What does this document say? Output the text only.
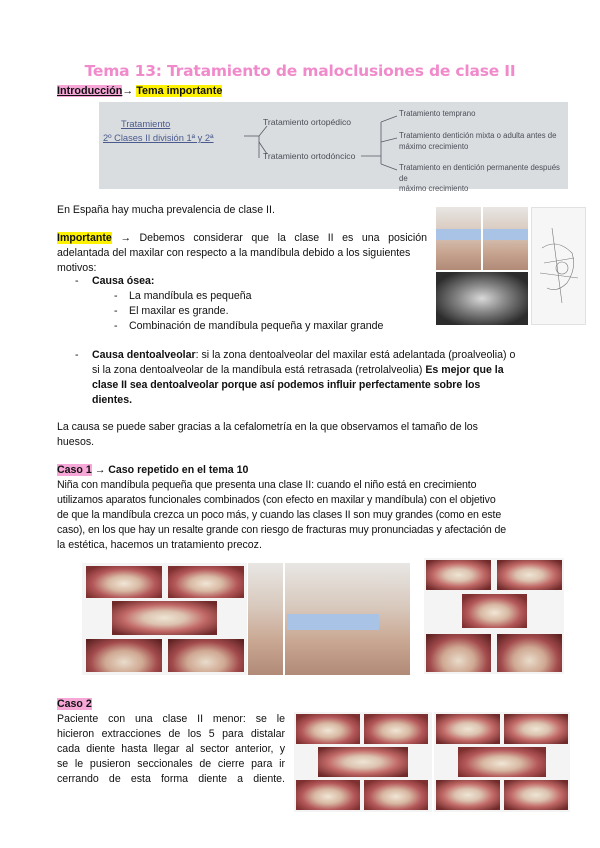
Tema 13: Tratamiento de maloclusiones de clase II
Introducción→ Tema importante
Tratamiento
2º Clases II división 1ª y 2ª
Tratamiento ortopédico
Tratamiento ortodóncico
Tratamiento temprano
Tratamiento dentición mixta o adulta antes de
máximo crecimiento
Tratamiento en dentición permanente después de
máximo crecimiento
En España hay mucha prevalencia de clase II.
Importante → Debemos considerar que la clase II es una posición
adelantada del maxilar con respecto a la mandíbula debido a los siguientes
motivos:
- Causa ósea:
- La mandíbula es pequeña
- El maxilar es grande.
- Combinación de mandíbula pequeña y maxilar grande
- Causa dentoalveolar: si la zona dentoalveolar del maxilar está adelantada (proalveolia) o
si la zona dentoalveolar de la mandíbula está retrasada (retrolalveolia) Es mejor que la
clase II sea dentoalveolar porque así podemos influir perfectamente sobre los
dientes.
La causa se puede saber gracias a la cefalometría en la que observamos el tamaño de los
huesos.
Caso 1 → Caso repetido en el tema 10
Niña con mandíbula pequeña que presenta una clase II: cuando el niño está en crecimiento
utilizamos aparatos funcionales combinados (con efecto en maxilar y mandíbula) con el objetivo
de que la mandíbula crezca un poco más, y cuando las clases II son muy grandes (como en este
caso), en los que hay un resalte grande con riesgo de fracturas muy pronunciadas y afectación de
la estética, hacemos un tratamiento precoz.
Caso 2
Paciente con una clase II menor: se le
hicieron extracciones de los 5 para distalar
cada diente hasta llegar al sector anterior, y
se le pusieron seccionales de cierre para ir
cerrando de esta forma diente a diente.
